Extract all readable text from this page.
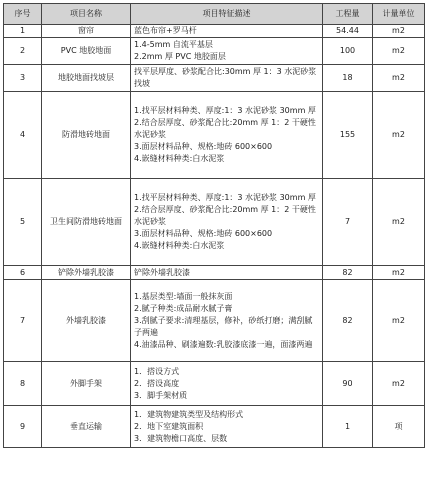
序号	项目名称	项目特征描述	工程量	计量单位
1	窗帘	蓝色布帘+罗马杆	54.44	m2
2	PVC 地胶地面	1.4-5mm 自流平基层
2.2mm 厚 PVC 地胶面层	100	m2
3	地胶地面找坡层	找平层厚度、砂浆配合比:30mm 厚 1：3 水泥砂浆找坡	18	m2
4	防滑地砖地面	1.找平层材料种类、厚度:1：3 水泥砂浆 30mm 厚
2.结合层厚度、砂浆配合比:20mm 厚 1：2 干硬性水泥砂浆
3.面层材料品种、规格:地砖 600×600
4.嵌缝材料种类:白水泥浆	155	m2
5	卫生间防滑地砖地面	1.找平层材料种类、厚度:1：3 水泥砂浆 30mm 厚
2.结合层厚度、砂浆配合比:20mm 厚 1：2 干硬性水泥砂浆
3.面层材料品种、规格:地砖 600×600
4.嵌缝材料种类:白水泥浆	7	m2
6	铲除外墙乳胶漆	铲除外墙乳胶漆	82	m2
7	外墙乳胶漆	1.基层类型:墙面一般抹灰面
2.腻子种类:成品耐水腻子膏
3.刮腻子要求:清理基层，修补，砂纸打磨；满刮腻子两遍
4.油漆品种、刷漆遍数:乳胶漆底漆一遍，面漆两遍	82	m2
8	外脚手架	1．搭设方式
2．搭设高度
3．脚手架材质	90	m2
9	垂直运输	1．建筑物建筑类型及结构形式
2．地下室建筑面积
3．建筑物檐口高度、层数	1	项
